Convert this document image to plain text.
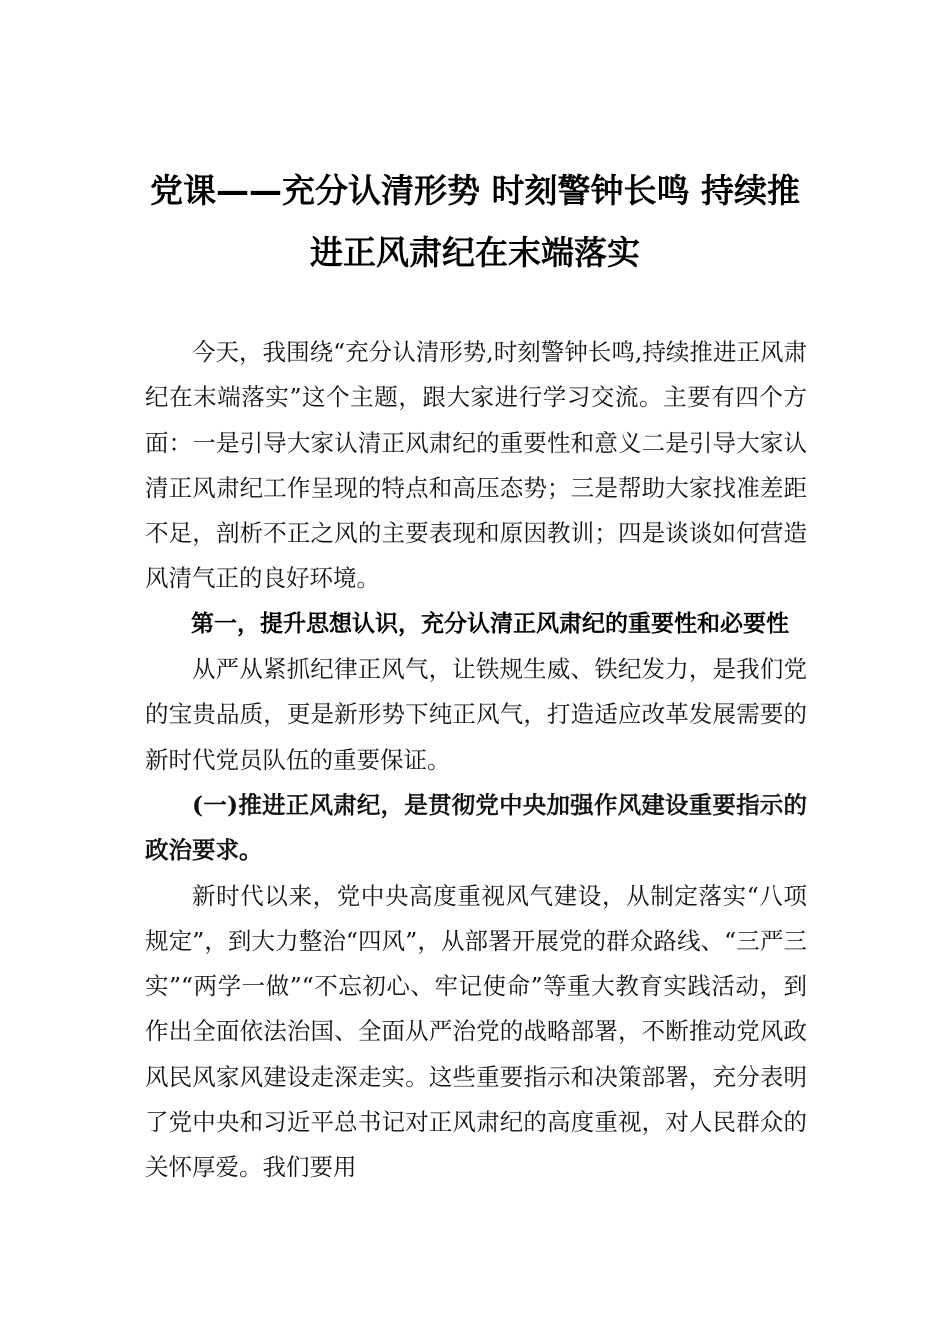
党课——充分认清形势 时刻警钟长鸣 持续推进正风肃纪在末端落实

今天，我围绕“充分认清形势,时刻警钟长鸣,持续推进正风肃纪在末端落实”这个主题，跟大家进行学习交流。主要有四个方面：一是引导大家认清正风肃纪的重要性和意义二是引导大家认清正风肃纪工作呈现的特点和高压态势；三是帮助大家找准差距不足，剖析不正之风的主要表现和原因教训；四是谈谈如何营造风清气正的良好环境。

第一，提升思想认识，充分认清正风肃纪的重要性和必要性

从严从紧抓纪律正风气，让铁规生威、铁纪发力，是我们党的宝贵品质，更是新形势下纯正风气，打造适应改革发展需要的新时代党员队伍的重要保证。

(一)推进正风肃纪，是贯彻党中央加强作风建设重要指示的政治要求。

新时代以来，党中央高度重视风气建设，从制定落实“八项规定”，到大力整治“四风”，从部署开展党的群众路线、“三严三实”“两学一做”“不忘初心、牢记使命”等重大教育实践活动，到作出全面依法治国、全面从严治党的战略部署，不断推动党风政风民风家风建设走深走实。这些重要指示和决策部署，充分表明了党中央和习近平总书记对正风肃纪的高度重视，对人民群众的关怀厚爱。我们要用
